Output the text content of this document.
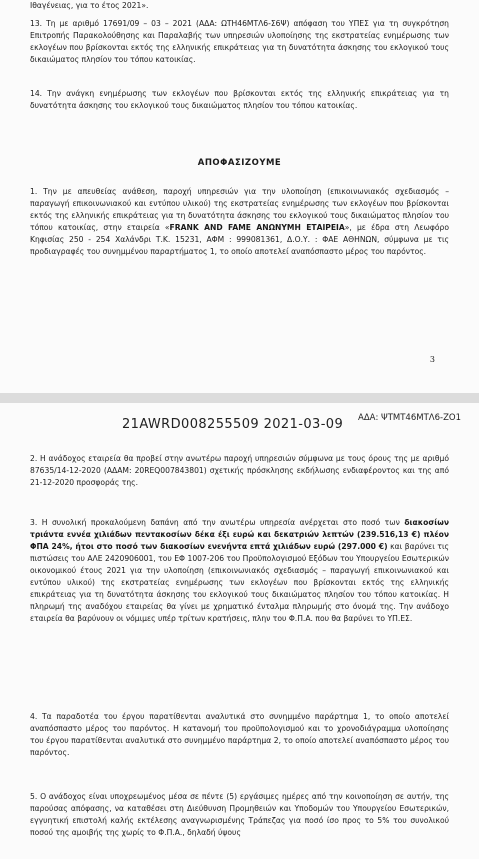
Ιθαγένειας, για το έτος 2021».

13. Τη με αριθμό 17691/09 – 03 – 2021 (ΑΔΑ: ΩΤΗ46ΜΤΛ6-Σ6Ψ) απόφαση του ΥΠΕΣ για τη συγκρότηση Επιτροπής Παρακολούθησης και Παραλαβής των υπηρεσιών υλοποίησης της εκστρατείας ενημέρωσης των εκλογέων που βρίσκονται εκτός της ελληνικής επικράτειας για τη δυνατότητα άσκησης του εκλογικού τους δικαιώματος πλησίον του τόπου κατοικίας.

14. Την ανάγκη ενημέρωσης των εκλογέων που βρίσκονται εκτός της ελληνικής επικράτειας για τη δυνατότητα άσκησης του εκλογικού τους δικαιώματος πλησίον του τόπου κατοικίας.

ΑΠΟΦΑΣΙΖΟΥΜΕ

1. Την με απευθείας ανάθεση, παροχή υπηρεσιών για την υλοποίηση (επικοινωνιακός σχεδιασμός – παραγωγή επικοινωνιακού και εντύπου υλικού) της εκστρατείας ενημέρωσης των εκλογέων που βρίσκονται εκτός της ελληνικής επικράτειας για τη δυνατότητα άσκησης του εκλογικού τους δικαιώματος πλησίον του τόπου κατοικίας, στην εταιρεία «FRANK AND FAME ΑΝΩΝΥΜΗ ΕΤΑΙΡΕΙΑ», με έδρα στη Λεωφόρο Κηφισίας 250 - 254 Χαλάνδρι Τ.Κ. 15231, ΑΦΜ : 999081361, Δ.Ο.Υ. : ΦΑΕ ΑΘΗΝΩΝ, σύμφωνα με τις προδιαγραφές του συνημμένου παραρτήματος 1, το οποίο αποτελεί αναπόσπαστο μέρος του παρόντος.

3
21AWRD008255509 2021-03-09 ΑΔΑ: ΨΤΜΤ46ΜΤΛ6-ΖΟ1

2. Η ανάδοχος εταιρεία θα προβεί στην ανωτέρω παροχή υπηρεσιών σύμφωνα με τους όρους της με αριθμό 87635/14-12-2020 (ΑΔΑΜ: 20REQ007843801) σχετικής πρόσκλησης εκδήλωσης ενδιαφέροντος και της από 21-12-2020 προσφοράς της.

3. Η συνολική προκαλούμενη δαπάνη από την ανωτέρω υπηρεσία ανέρχεται στο ποσό των διακοσίων τριάντα εννέα χιλιάδων πεντακοσίων δέκα έξι ευρώ και δεκατριών λεπτών (239.516,13 €) πλέον ΦΠΑ 24%, ήτοι στο ποσό των διακοσίων ενενήντα επτά χιλιάδων ευρώ (297.000 €) και βαρύνει τις πιστώσεις του ΑΛΕ 2420906001, του ΕΦ 1007-206 του Προϋπολογισμού Εξόδων του Υπουργείου Εσωτερικών οικονομικού έτους 2021 για την υλοποίηση (επικοινωνιακός σχεδιασμός – παραγωγή επικοινωνιακού και εντύπου υλικού) της εκστρατείας ενημέρωσης των εκλογέων που βρίσκονται εκτός της ελληνικής επικράτειας για τη δυνατότητα άσκησης του εκλογικού τους δικαιώματος πλησίον του τόπου κατοικίας. Η πληρωμή της αναδόχου εταιρείας θα γίνει με χρηματικό ένταλμα πληρωμής στο όνομά της. Την ανάδοχο εταιρεία θα βαρύνουν οι νόμιμες υπέρ τρίτων κρατήσεις, πλην του Φ.Π.Α. που θα βαρύνει το ΥΠ.ΕΣ.

4. Τα παραδοτέα του έργου παρατίθενται αναλυτικά στο συνημμένο παράρτημα 1, το οποίο αποτελεί αναπόσπαστο μέρος του παρόντος. Η κατανομή του προϋπολογισμού και το χρονοδιάγραμμα υλοποίησης του έργου παρατίθενται αναλυτικά στο συνημμένο παράρτημα 2, το οποίο αποτελεί αναπόσπαστο μέρος του παρόντος.

5. Ο ανάδοχος είναι υποχρεωμένος μέσα σε πέντε (5) εργάσιμες ημέρες από την κοινοποίηση σε αυτήν, της παρούσας απόφασης, να καταθέσει στη Διεύθυνση Προμηθειών και Υποδομών του Υπουργείου Εσωτερικών, εγγυητική επιστολή καλής εκτέλεσης αναγνωρισμένης Τράπεζας για ποσό ίσο προς το 5% του συνολικού ποσού της αμοιβής της χωρίς το Φ.Π.Α., δηλαδή ύψους
